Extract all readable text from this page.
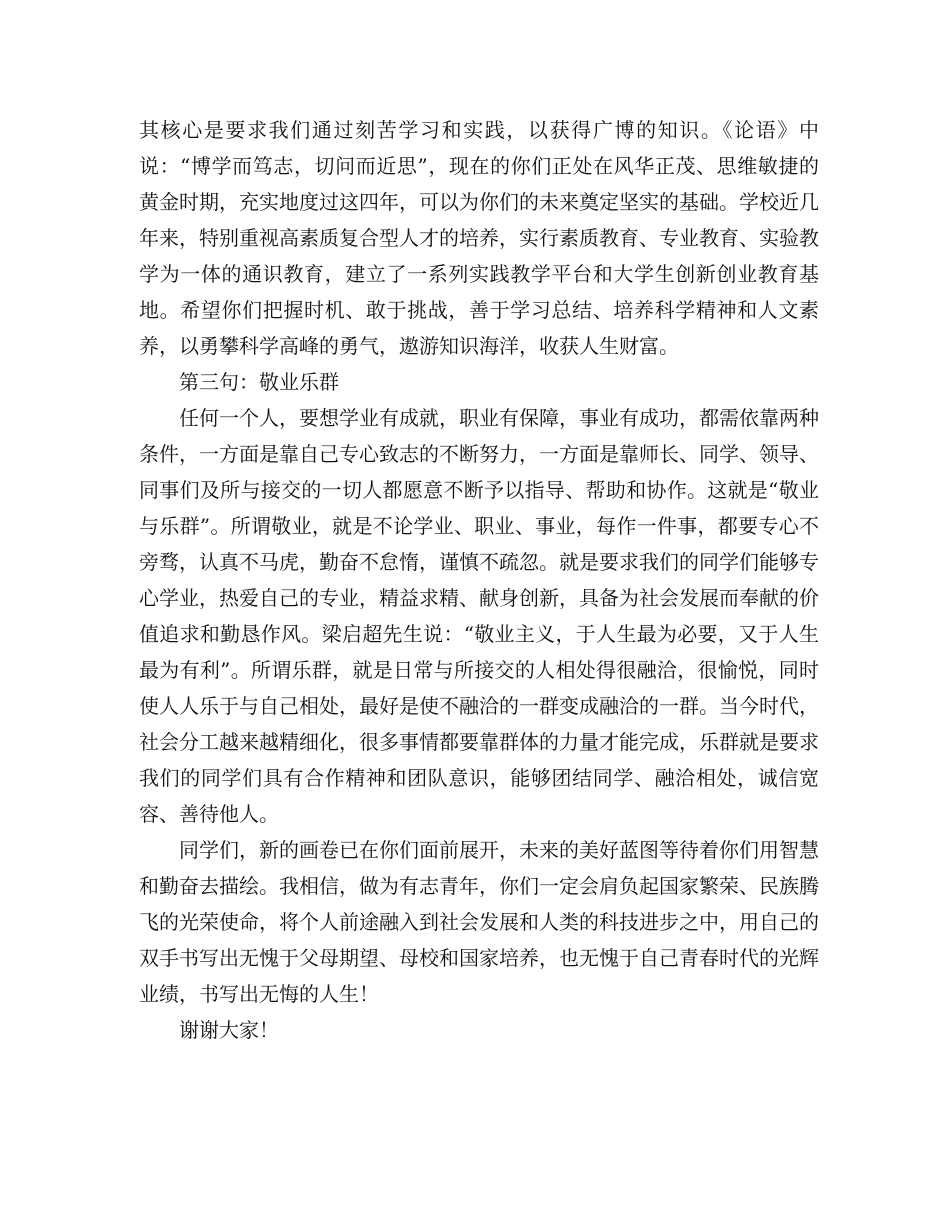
其核心是要求我们通过刻苦学习和实践，以获得广博的知识。《论语》中说：“博学而笃志，切问而近思”，现在的你们正处在风华正茂、思维敏捷的黄金时期，充实地度过这四年，可以为你们的未来奠定坚实的基础。学校近几年来，特别重视高素质复合型人才的培养，实行素质教育、专业教育、实验教学为一体的通识教育，建立了一系列实践教学平台和大学生创新创业教育基地。希望你们把握时机、敢于挑战，善于学习总结、培养科学精神和人文素养，以勇攀科学高峰的勇气，遨游知识海洋，收获人生财富。

第三句：敬业乐群

任何一个人，要想学业有成就，职业有保障，事业有成功，都需依靠两种条件，一方面是靠自己专心致志的不断努力，一方面是靠师长、同学、领导、同事们及所与接交的一切人都愿意不断予以指导、帮助和协作。这就是“敬业与乐群”。所谓敬业，就是不论学业、职业、事业，每作一件事，都要专心不旁骛，认真不马虎，勤奋不怠惰，谨慎不疏忽。就是要求我们的同学们能够专心学业，热爱自己的专业，精益求精、献身创新，具备为社会发展而奉献的价值追求和勤恳作风。梁启超先生说：“敬业主义，于人生最为必要，又于人生最为有利”。所谓乐群，就是日常与所接交的人相处得很融洽，很愉悦，同时使人人乐于与自己相处，最好是使不融洽的一群变成融洽的一群。当今时代，社会分工越来越精细化，很多事情都要靠群体的力量才能完成，乐群就是要求我们的同学们具有合作精神和团队意识，能够团结同学、融洽相处，诚信宽容、善待他人。

同学们，新的画卷已在你们面前展开，未来的美好蓝图等待着你们用智慧和勤奋去描绘。我相信，做为有志青年，你们一定会肩负起国家繁荣、民族腾飞的光荣使命，将个人前途融入到社会发展和人类的科技进步之中，用自己的双手书写出无愧于父母期望、母校和国家培养，也无愧于自己青春时代的光辉业绩，书写出无悔的人生！

谢谢大家！
